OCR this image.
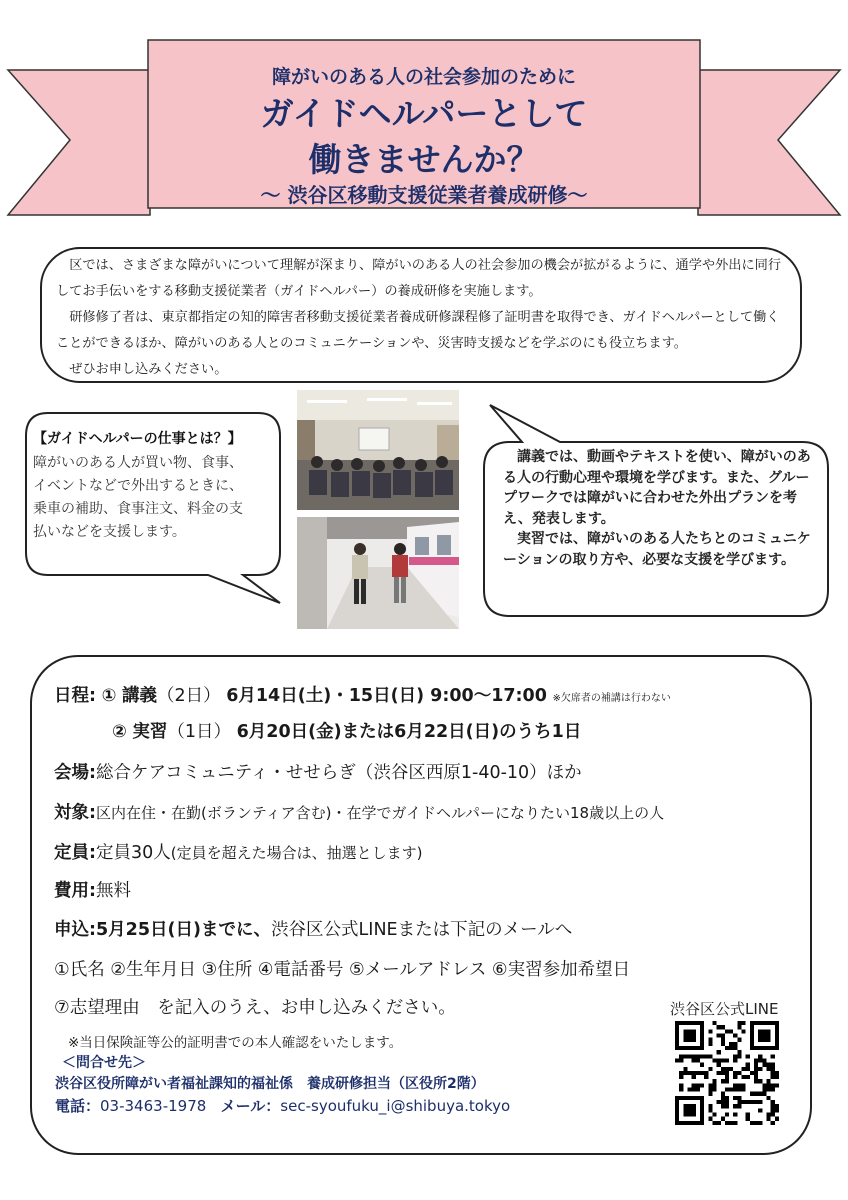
障がいのある人の社会参加のために
ガイドヘルパーとして
働きませんか？
～ 渋谷区移動支援従業者養成研修～

区では、さまざまな障がいについて理解が深まり、障がいのある人の社会参加の機会が拡がるように、通学や外出に同行してお手伝いをする移動支援従業者（ガイドヘルパー）の養成研修を実施します。

研修修了者は、東京都指定の知的障害者移動支援従業者養成研修課程修了証明書を取得でき、ガイドヘルパーとして働くことができるほか、障がいのある人とのコミュニケーションや、災害時支援などを学ぶのにも役立ちます。

ぜひお申し込みください。

【ガイドヘルパーの仕事とは？】
障がいのある人が買い物、食事、イベントなどで外出するときに、乗車の補助、食事注文、料金の支払いなどを支援します。
講義では、動画やテキストを使い、障がいのある人の行動心理や環境を学びます。また、グループワークでは障がいに合わせた外出プランを考え、発表します。
実習では、障がいのある人たちとのコミュニケーションの取り方や、必要な支援を学びます。
日程: ① 講義（2日） 6月14日(土)・15日(日) 9:00～17:00 ※欠席者の補講は行わない
② 実習（1日） 6月20日(金)または6月22日(日)のうち1日
会場:総合ケアコミュニティ・せせらぎ（渋谷区西原1-40-10）ほか
対象:区内在住・在勤(ボランティア含む)・在学でガイドヘルパーになりたい18歳以上の人
定員:定員30人(定員を超えた場合は、抽選とします)
費用:無料
申込:5月25日(日)までに、渋谷区公式LINEまたは下記のメールへ
①氏名 ②生年月日 ③住所 ④電話番号 ⑤メールアドレス ⑥実習参加希望日
⑦志望理由　を記入のうえ、お申し込みください。
※当日保険証等公的証明書での本人確認をいたします。
＜問合せ先＞
渋谷区役所障がい者福祉課知的福祉係　養成研修担当（区役所2階）
電話：03-3463-1978 メール：sec-syoufuku_i@shibuya.tokyo
渋谷区公式LINE
